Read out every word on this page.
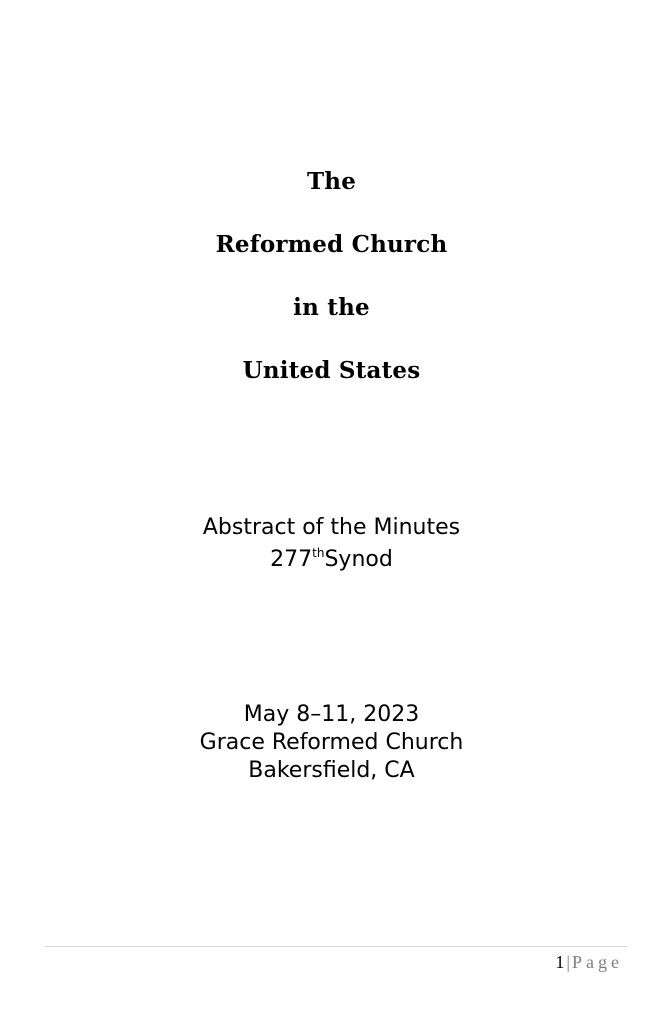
The
Reformed Church
in the
United States
Abstract of the Minutes
277thSynod
May 8–11, 2023
Grace Reformed Church
Bakersfield, CA
1 | Page
